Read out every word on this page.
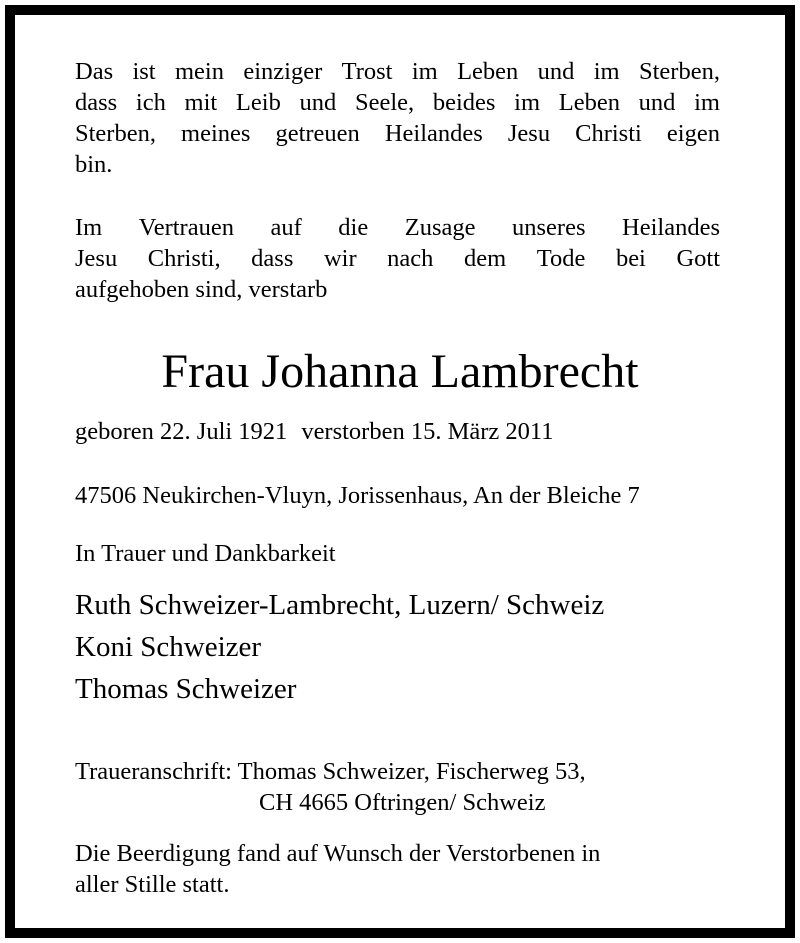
Das ist mein einziger Trost im Leben und im Sterben,
dass ich mit Leib und Seele, beides im Leben und im
Sterben, meines getreuen Heilandes Jesu Christi eigen
bin.
Im Vertrauen auf die Zusage unseres Heilandes
Jesu Christi, dass wir nach dem Tode bei Gott
aufgehoben sind, verstarb
Frau Johanna Lambrecht
geboren 22. Juli 1921 verstorben 15. März 2011
47506 Neukirchen-Vluyn, Jorissenhaus, An der Bleiche 7
In Trauer und Dankbarkeit
Ruth Schweizer-Lambrecht, Luzern/ Schweiz
Koni Schweizer
Thomas Schweizer
Traueranschrift: Thomas Schweizer, Fischerweg 53,
CH 4665 Oftringen/ Schweiz
Die Beerdigung fand auf Wunsch der Verstorbenen in
aller Stille statt.
